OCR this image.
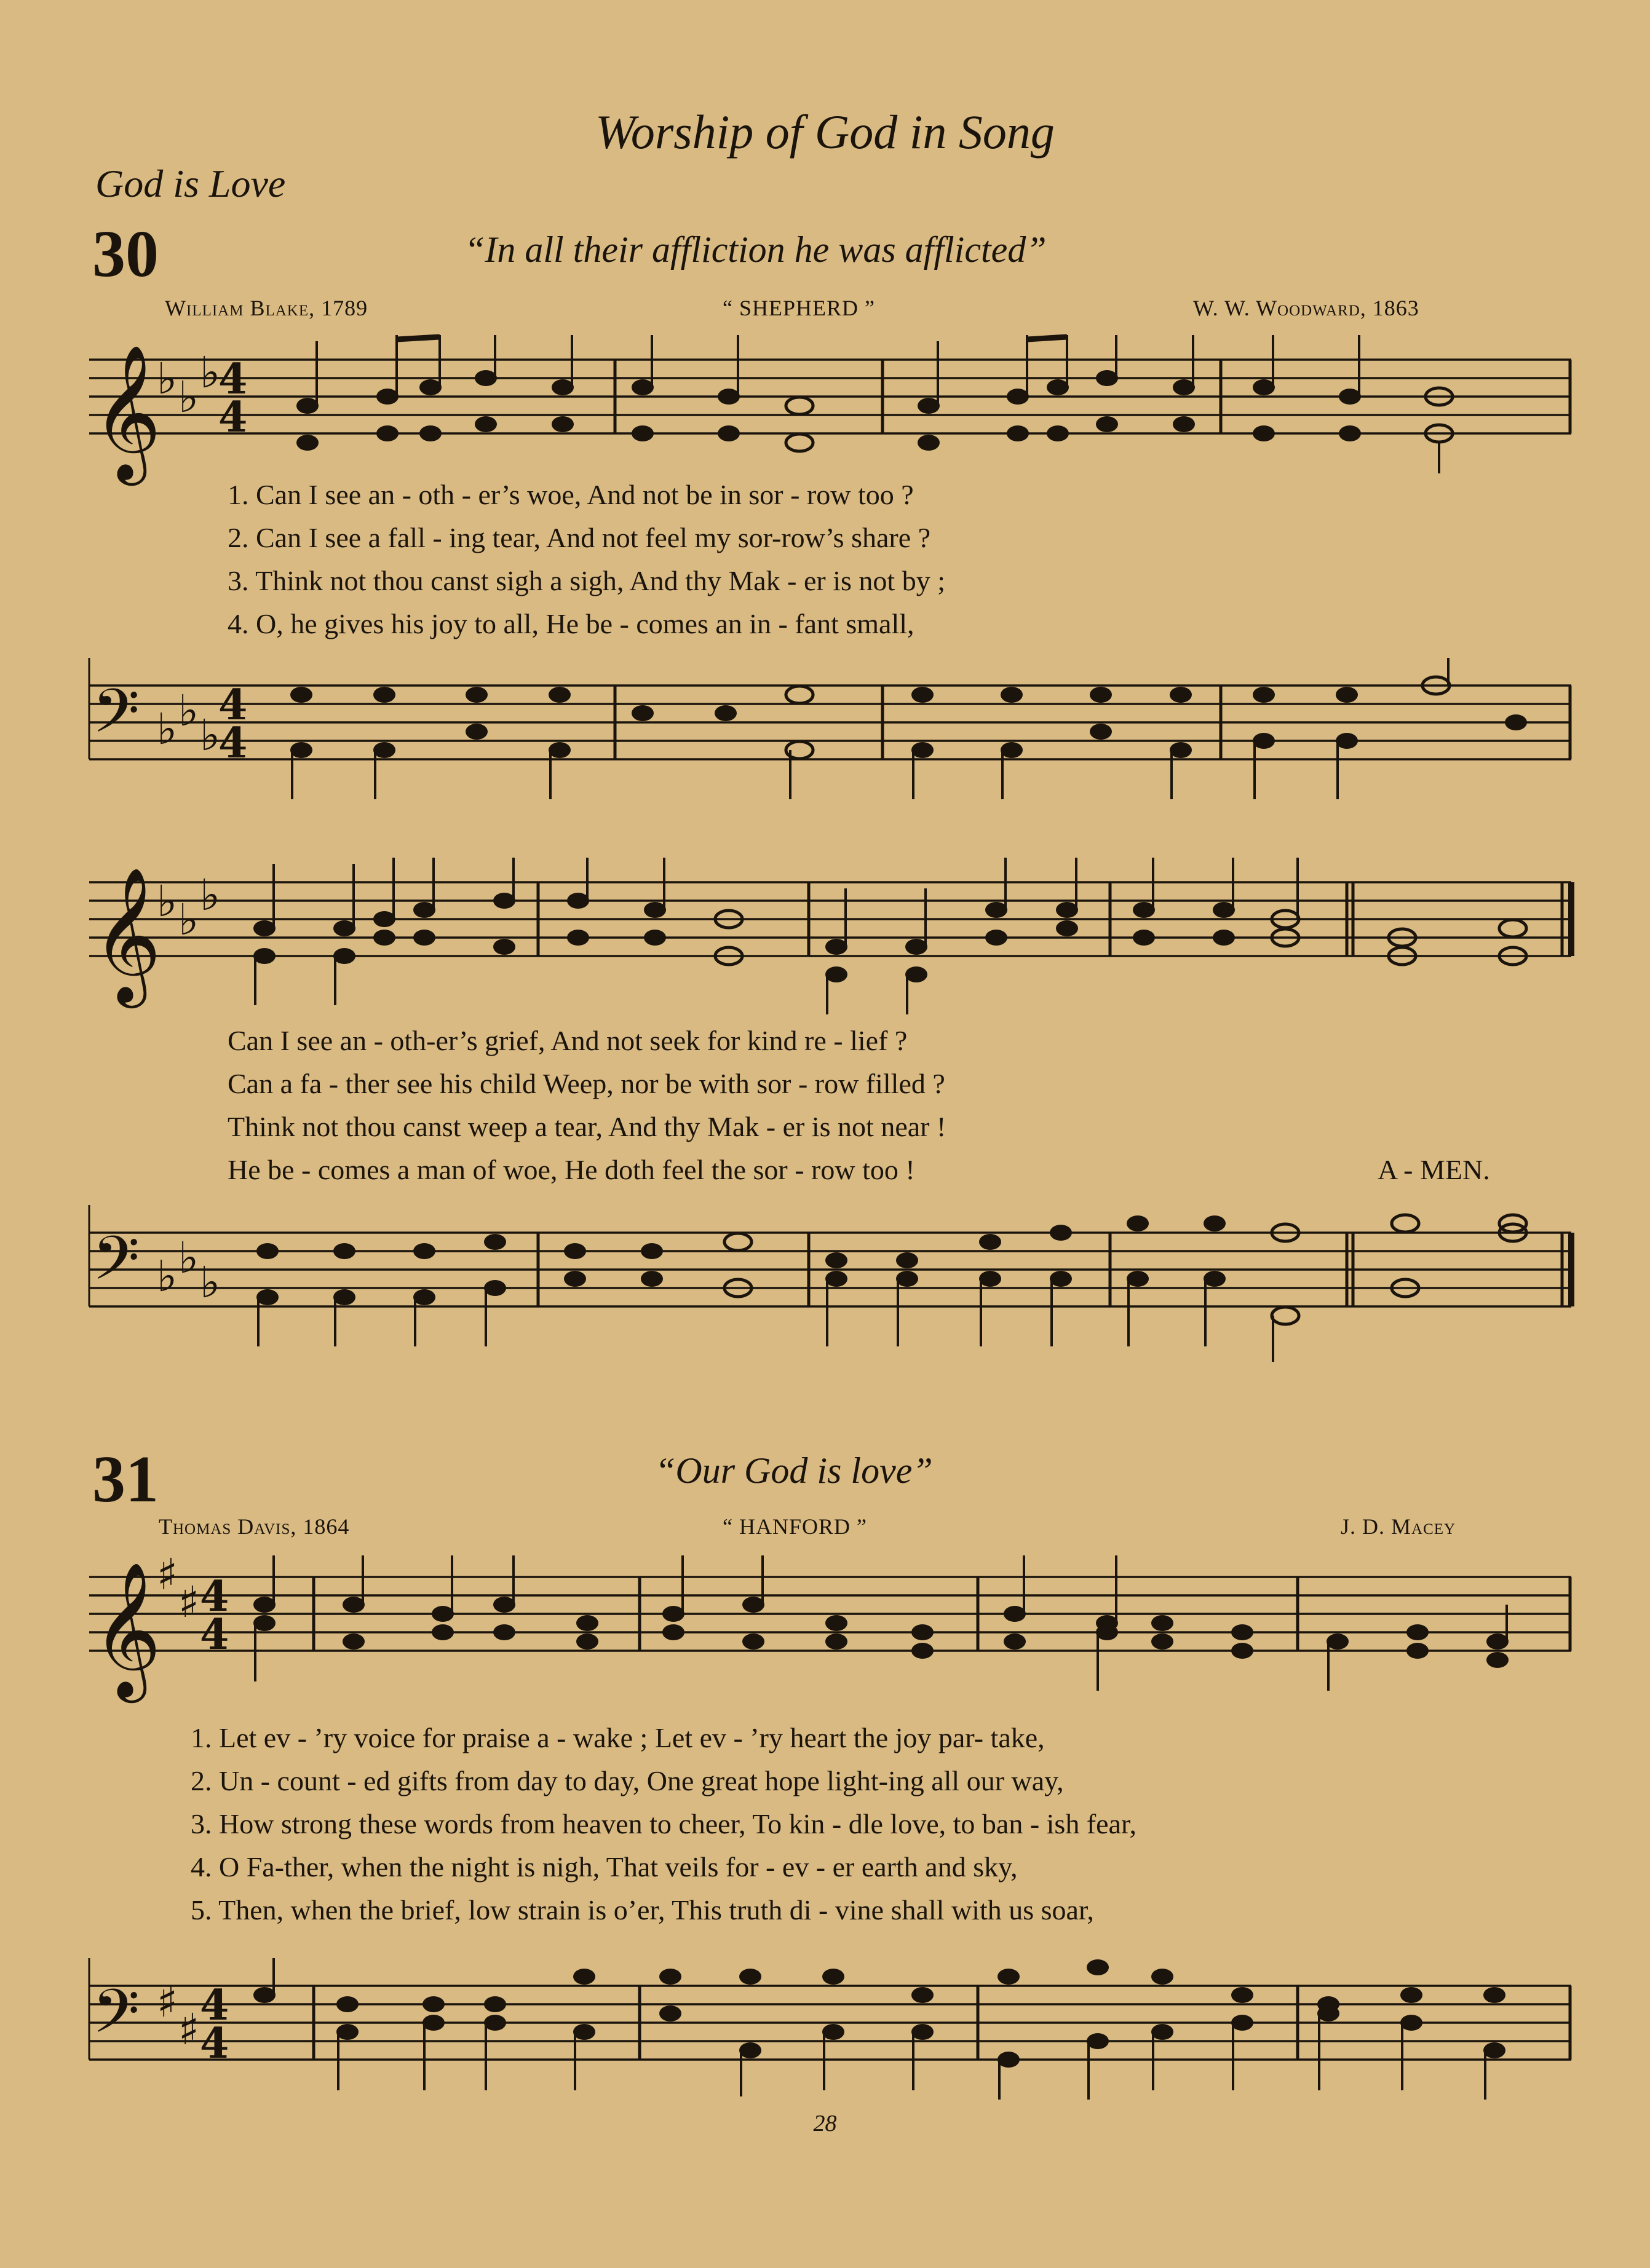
Worship of God in Song
God is Love
30	“In all their affliction he was afflicted”
William Blake, 1789	“ SHEPHERD ”	W. W. Woodward, 1863
𝄞
♭ ♭ ♭
4
4
1. Can I see an - oth - er’s woe, And not be in sor - row too ?
2. Can I see a fall - ing tear, And not feel my sor-row’s share ?
3. Think not thou canst sigh a sigh, And thy Mak - er is not by ;
4. O, he gives his joy to all, He be - comes an in - fant small,
𝄢 ♭ ♭ ♭
4
4
𝄞
♭ ♭ ♭
Can I see an - oth-er’s grief, And not seek for kind re - lief ?
Can a fa - ther see his child Weep, nor be with sor - row filled ?
Think not thou canst weep a tear, And thy Mak - er is not near !
He be - comes a man of woe, He doth feel the sor - row too !	A - MEN.
𝄢 ♭ ♭ ♭
31	“Our God is love”
Thomas Davis, 1864	“ HANFORD ”	J. D. Macey
𝄞
♯
♯ 4
4
1. Let ev - ’ry voice for praise a - wake ; Let ev - ’ry heart the joy par- take,
2. Un - count - ed gifts from day to day, One great hope light-ing all our way,
3. How strong these words from heaven to cheer, To kin - dle love, to ban - ish fear,
4. O Fa-ther, when the night is nigh, That veils for - ev - er earth and sky,
5. Then, when the brief, low strain is o’er, This truth di - vine shall with us soar,
𝄢 ♯
♯ 4
4
28
